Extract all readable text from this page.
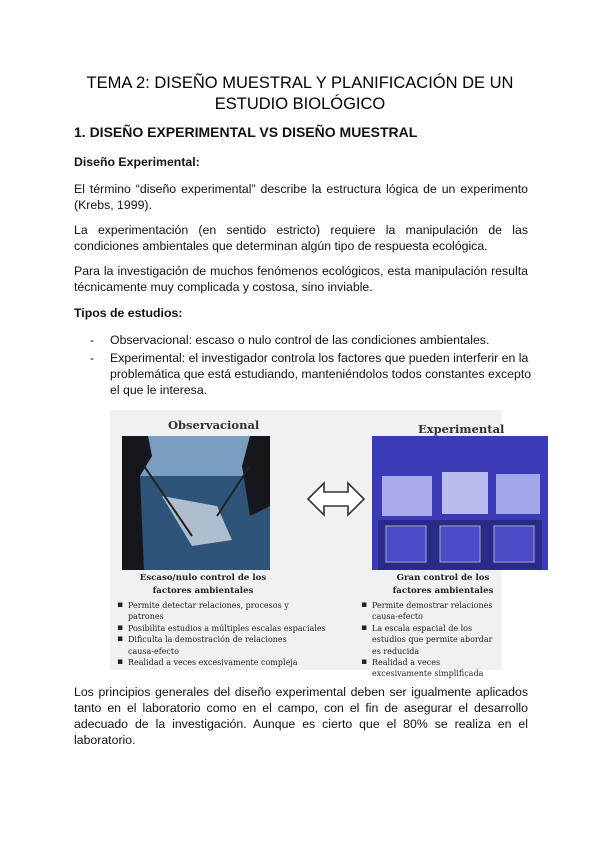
TEMA 2: DISEÑO MUESTRAL Y PLANIFICACIÓN DE UN ESTUDIO BIOLÓGICO
1. DISEÑO EXPERIMENTAL VS DISEÑO MUESTRAL
Diseño Experimental:
El término “diseño experimental” describe la estructura lógica de un experimento (Krebs, 1999).
La experimentación (en sentido estricto) requiere la manipulación de las condiciones ambientales que determinan algún tipo de respuesta ecológica.
Para la investigación de muchos fenómenos ecológicos, esta manipulación resulta técnicamente muy complicada y costosa, sino inviable.
Tipos de estudios:
- Observacional: escaso o nulo control de las condiciones ambientales.
- Experimental: el investigador controla los factores que pueden interferir en la problemática que está estudiando, manteniéndolos todos constantes excepto el que le interesa.
Observacional	Experimental
Escaso/nulo control de los factores ambientales
Gran control de los factores ambientales
▪ Permite detectar relaciones, procesos y patrones
▪ Posibilita estudios a múltiples escalas espaciales
▪ Dificulta la demostración de relaciones causa-efecto
▪ Realidad a veces excesivamente compleja
▪ Permite demostrar relaciones causa-efecto
▪ La escala espacial de los estudios que permite abordar es reducida
▪ Realidad a veces excesivamente simplificada
Los principios generales del diseño experimental deben ser igualmente aplicados tanto en el laboratorio como en el campo, con el fin de asegurar el desarrollo adecuado de la investigación. Aunque es cierto que el 80% se realiza en el laboratorio.
